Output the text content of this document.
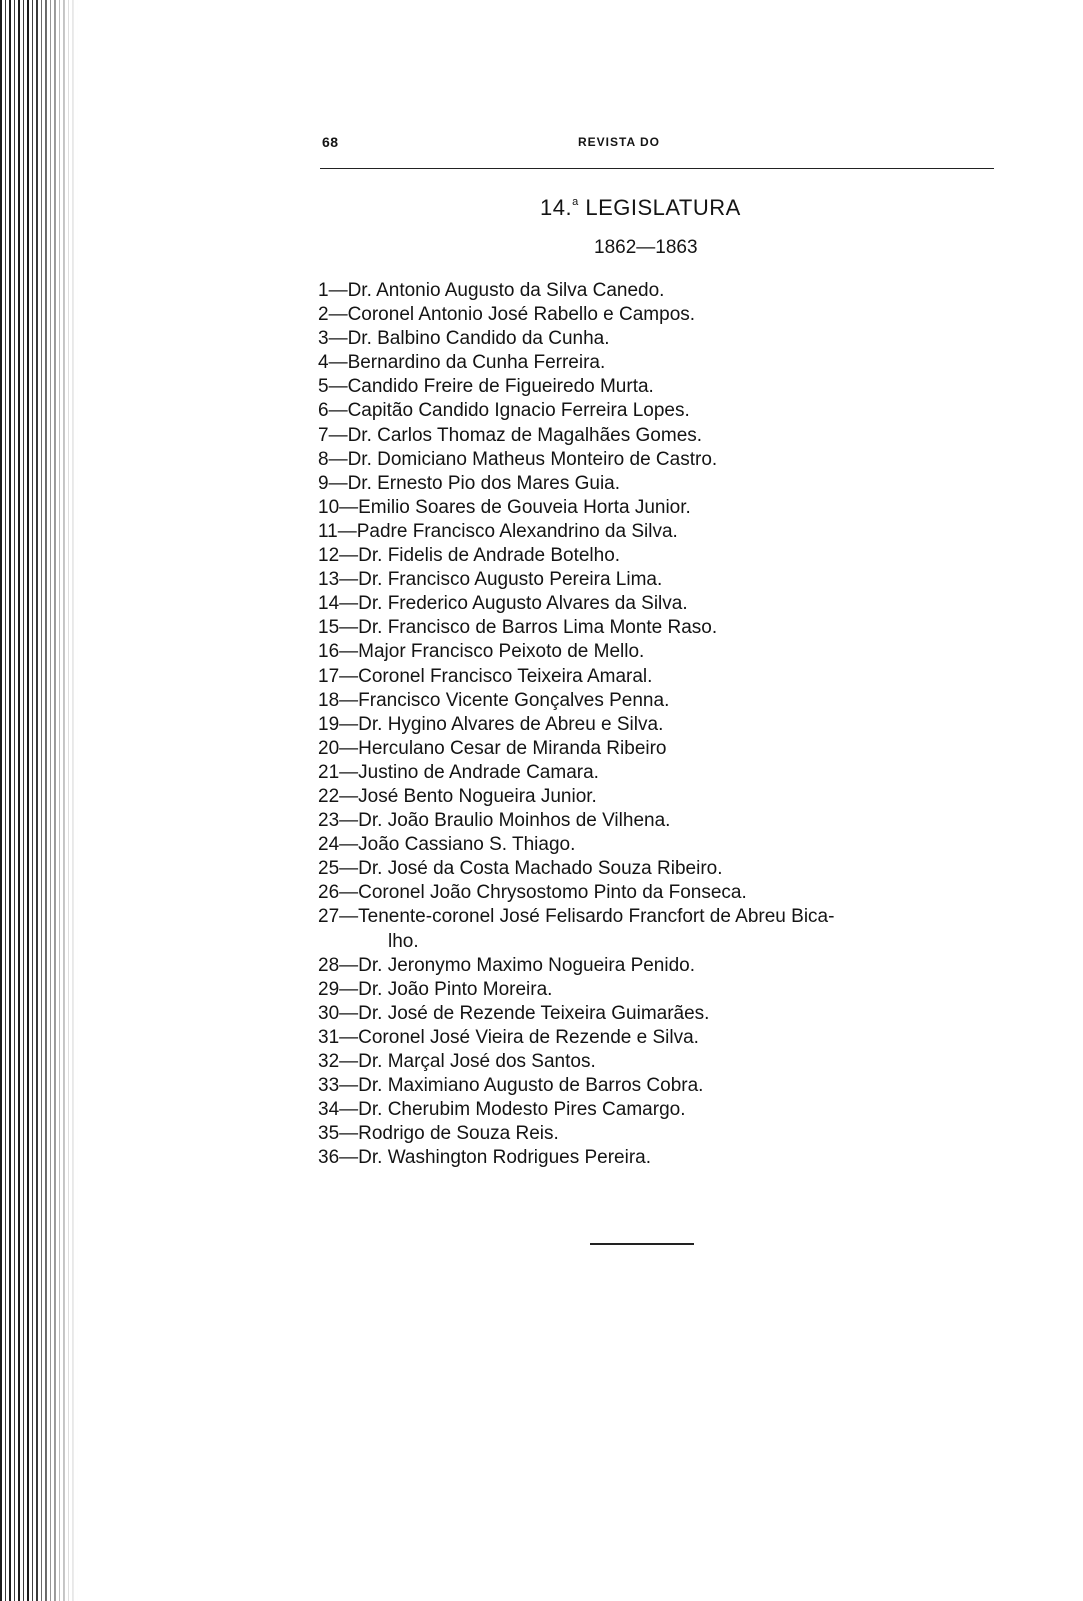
68	REVISTA DO
14.$^a$ LEGISLATURA
1862—1863
1—Dr. Antonio Augusto da Silva Canedo.
2—Coronel Antonio José Rabello e Campos.
3—Dr. Balbino Candido da Cunha.
4—Bernardino da Cunha Ferreira.
5—Candido Freire de Figueiredo Murta.
6—Capitão Candido Ignacio Ferreira Lopes.
7—Dr. Carlos Thomaz de Magalhães Gomes.
8—Dr. Domiciano Matheus Monteiro de Castro.
9—Dr. Ernesto Pio dos Mares Guia.
10—Emilio Soares de Gouveia Horta Junior.
11—Padre Francisco Alexandrino da Silva.
12—Dr. Fidelis de Andrade Botelho.
13—Dr. Francisco Augusto Pereira Lima.
14—Dr. Frederico Augusto Alvares da Silva.
15—Dr. Francisco de Barros Lima Monte Raso.
16—Major Francisco Peixoto de Mello.
17—Coronel Francisco Teixeira Amaral.
18—Francisco Vicente Gonçalves Penna.
19—Dr. Hygino Alvares de Abreu e Silva.
20—Herculano Cesar de Miranda Ribeiro
21—Justino de Andrade Camara.
22—José Bento Nogueira Junior.
23—Dr. João Braulio Moinhos de Vilhena.
24—João Cassiano S. Thiago.
25—Dr. José da Costa Machado Souza Ribeiro.
26—Coronel João Chrysostomo Pinto da Fonseca.
27—Tenente-coronel José Felisardo Francfort de Abreu Bica-
lho.
28—Dr. Jeronymo Maximo Nogueira Penido.
29—Dr. João Pinto Moreira.
30—Dr. José de Rezende Teixeira Guimarães.
31—Coronel José Vieira de Rezende e Silva.
32—Dr. Marçal José dos Santos.
33—Dr. Maximiano Augusto de Barros Cobra.
34—Dr. Cherubim Modesto Pires Camargo.
35—Rodrigo de Souza Reis.
36—Dr. Washington Rodrigues Pereira.
